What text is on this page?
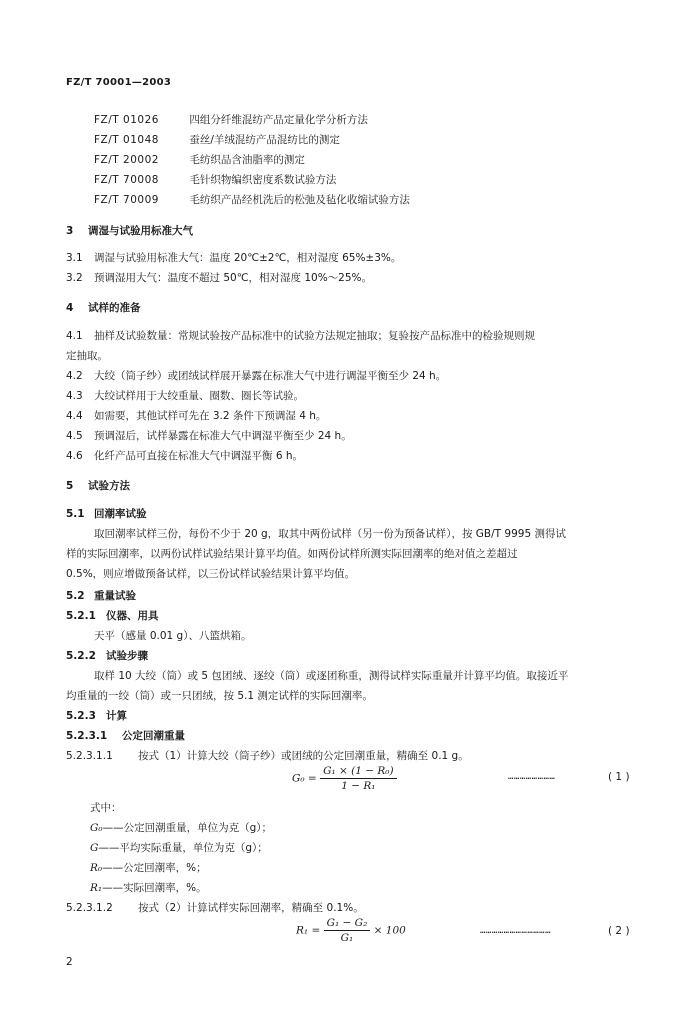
FZ/T 70001—2003
FZ/T 01026	四组分纤维混纺产品定量化学分析方法
FZ/T 01048	蚕丝/羊绒混纺产品混纺比的测定
FZ/T 20002	毛纺织品含油脂率的测定
FZ/T 70008	毛针织物编织密度系数试验方法
FZ/T 70009	毛纺织产品经机洗后的松弛及毡化收缩试验方法
3 调湿与试验用标准大气
3.1 调湿与试验用标准大气：温度 20℃±2℃，相对湿度 65%±3%。
3.2 预调湿用大气：温度不超过 50℃，相对湿度 10%～25%。
4 试样的准备
4.1 抽样及试验数量：常规试验按产品标准中的试验方法规定抽取；复验按产品标准中的检验规则规
定抽取。
4.2 大绞（筒子纱）或团绒试样展开暴露在标准大气中进行调湿平衡至少 24 h。
4.3 大绞试样用于大绞重量、圈数、圈长等试验。
4.4 如需要，其他试样可先在 3.2 条件下预调湿 4 h。
4.5 预调湿后，试样暴露在标准大气中调湿平衡至少 24 h。
4.6 化纤产品可直接在标准大气中调湿平衡 6 h。
5 试验方法
5.1 回潮率试验
取回潮率试样三份，每份不少于 20 g，取其中两份试样（另一份为预备试样），按 GB/T 9995 测得试
样的实际回潮率，以两份试样试验结果计算平均值。如两份试样所测实际回潮率的绝对值之差超过
0.5%，则应增做预备试样，以三份试样试验结果计算平均值。
5.2 重量试验
5.2.1 仪器、用具
天平（感量 0.01 g）、八篮烘箱。
5.2.2 试验步骤
取样 10 大绞（筒）或 5 包团绒、逐绞（筒）或逐团称重，测得试样实际重量并计算平均值。取接近平
均重量的一绞（筒）或一只团绒，按 5.1 测定试样的实际回潮率。
5.2.3 计算
5.2.3.1 公定回潮重量
5.2.3.1.1 按式（1）计算大绞（筒子纱）或团绒的公定回潮重量，精确至 0.1 g。
$G_0 = \frac{\text{G₁ × (1 − R₀)}}{\text{1 − R₁}}$	……………………	( 1 )
式中：
G₀——公定回潮重量，单位为克（g）；
G——平均实际重量，单位为克（g）；
R₀——公定回潮率，%；
R₁——实际回潮率，%。
5.2.3.1.2 按式（2）计算试样实际回潮率，精确至 0.1%。
$R_1 = \frac{\text{G₁ − G₂}}{\text{G₁}} \times 100$	………………………………	( 2 )
2
